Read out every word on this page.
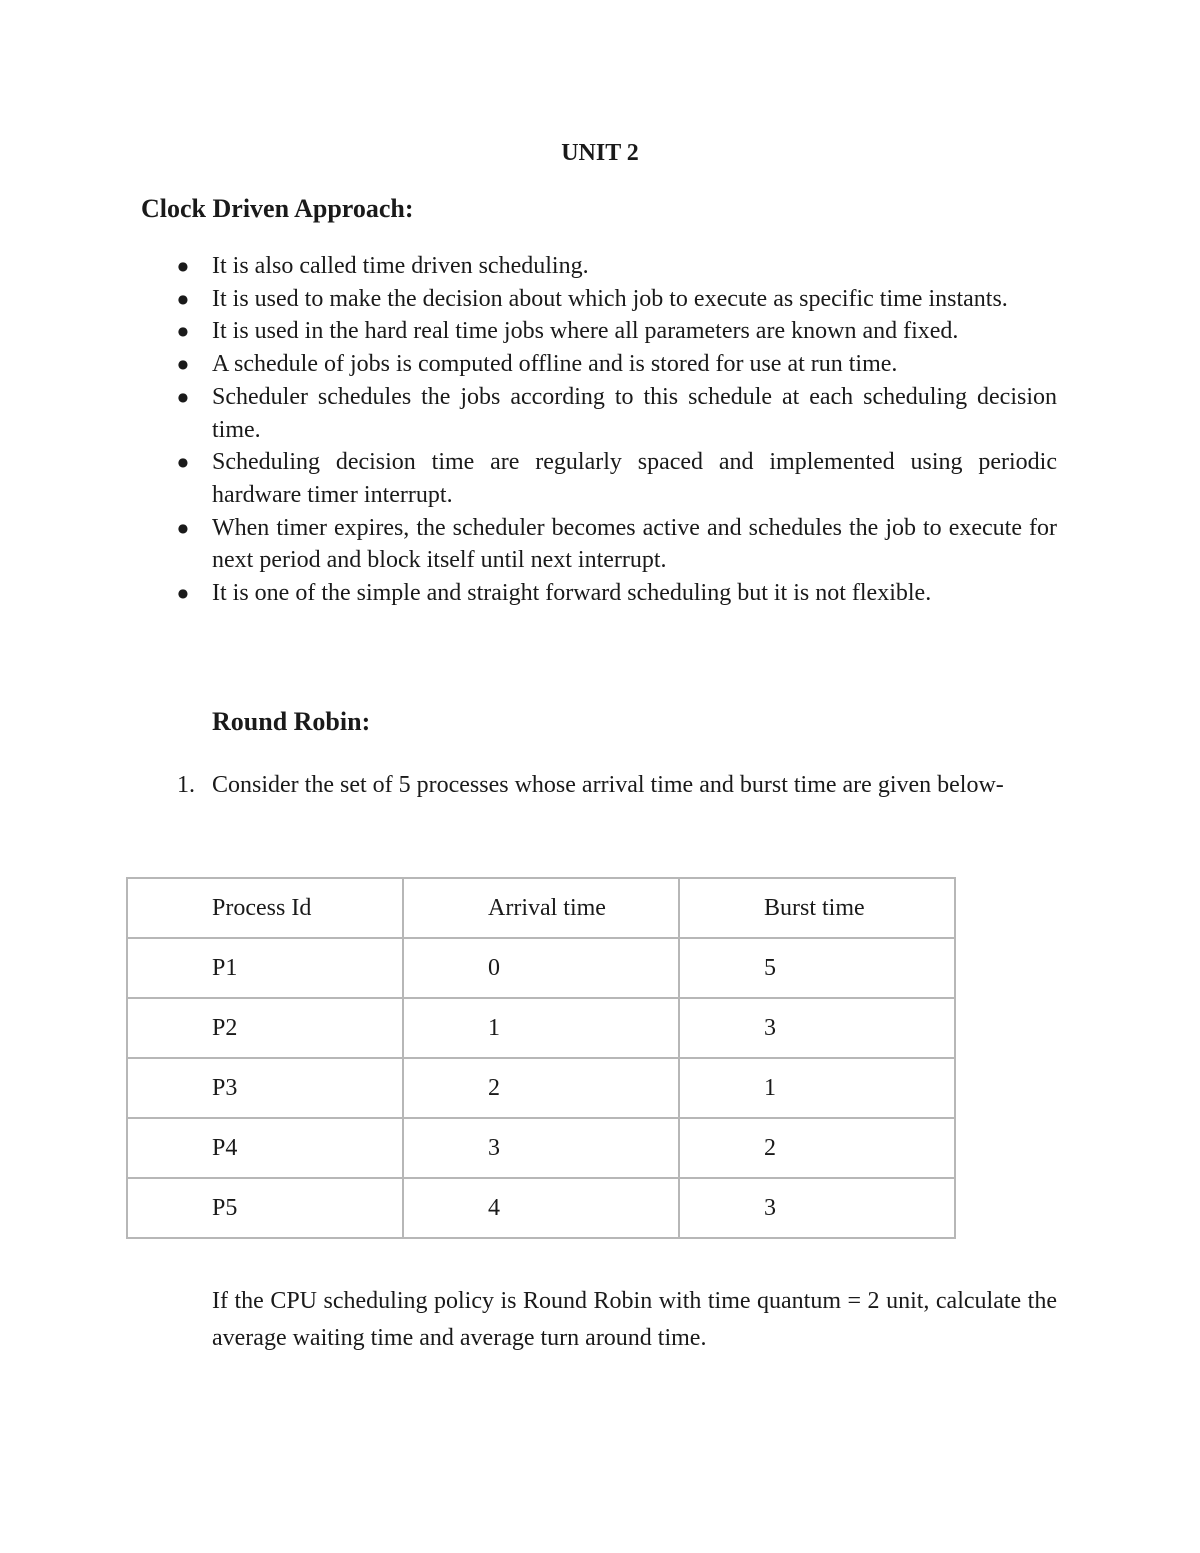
UNIT 2
Clock Driven Approach:
● It is also called time driven scheduling.
● It is used to make the decision about which job to execute as specific time instants.
● It is used in the hard real time jobs where all parameters are known and fixed.
● A schedule of jobs is computed offline and is stored for use at run time.
● Scheduler schedules the jobs according to this schedule at each scheduling decision time.
● Scheduling decision time are regularly spaced and implemented using periodic hardware timer interrupt.
● When timer expires, the scheduler becomes active and schedules the job to execute for next period and block itself until next interrupt.
● It is one of the simple and straight forward scheduling but it is not flexible.
Round Robin:
1. Consider the set of 5 processes whose arrival time and burst time are given below-
Process Id	Arrival time	Burst time
P1	0	5
P2	1	3
P3	2	1
P4	3	2
P5	4	3
If the CPU scheduling policy is Round Robin with time quantum = 2 unit, calculate the average waiting time and average turn around time.
